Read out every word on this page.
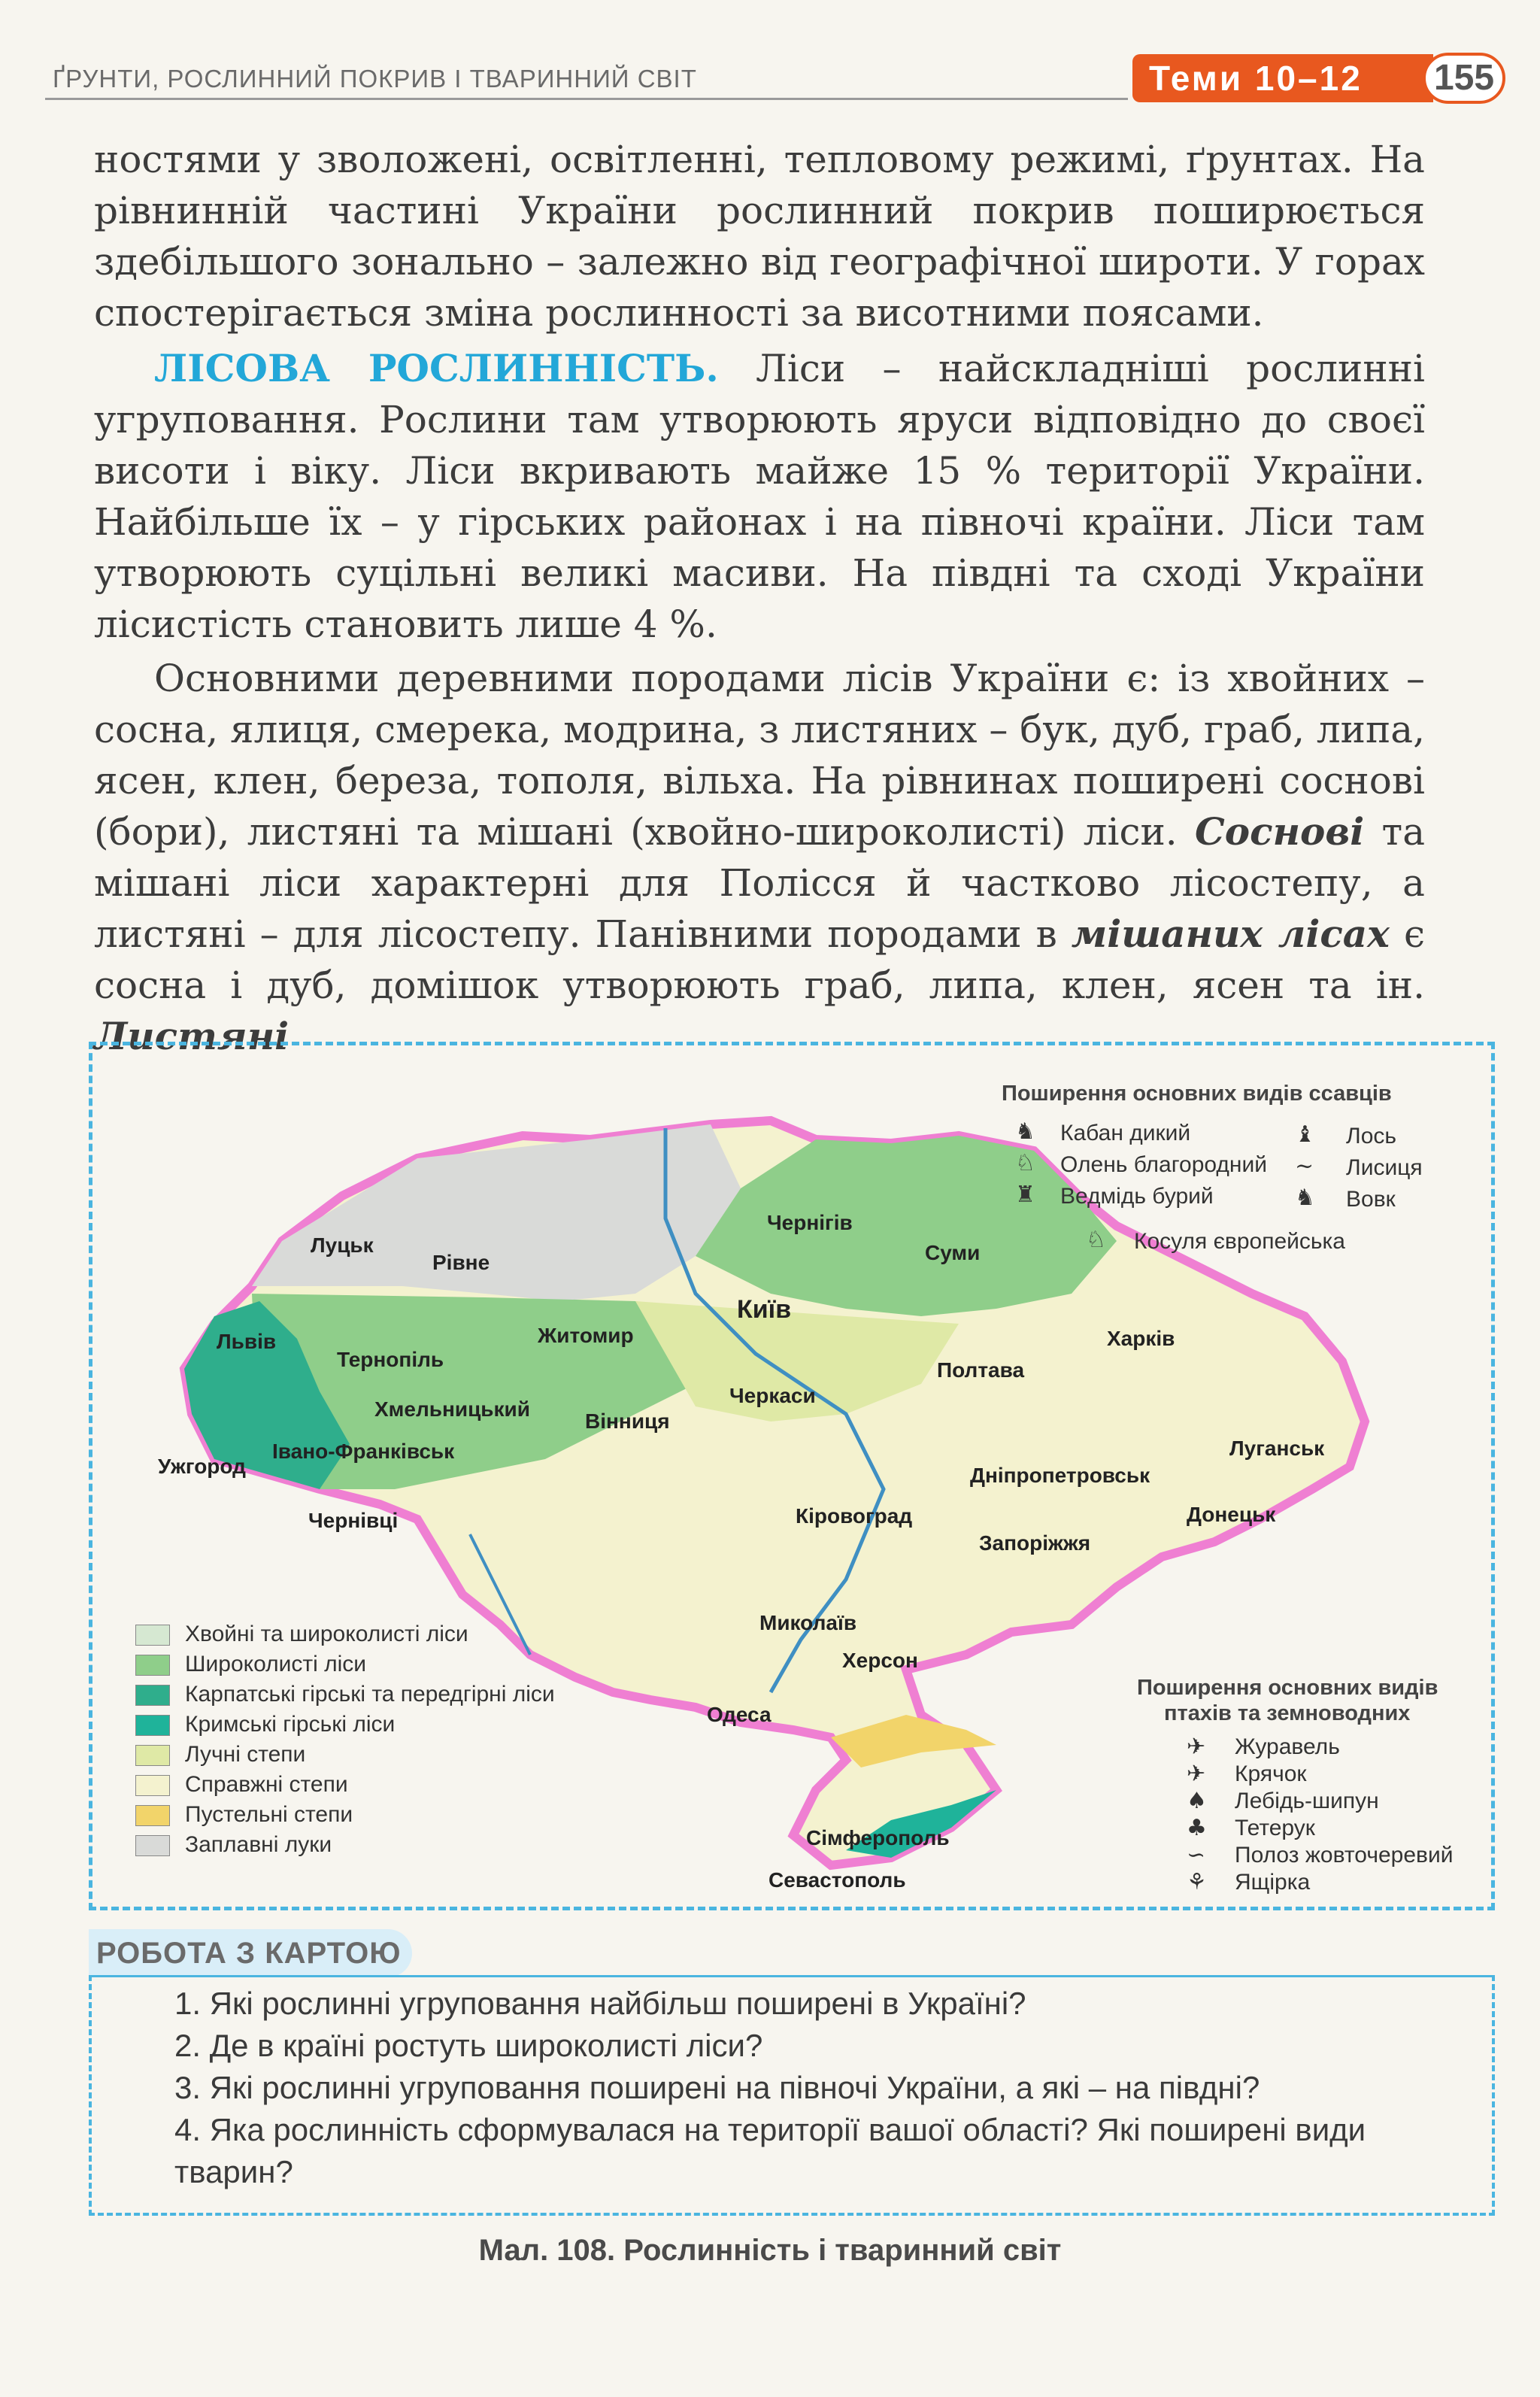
ҐРУНТИ, РОСЛИННИЙ ПОКРИВ І ТВАРИННИЙ СВІТ	Теми 10–12	155
ностями у зволожені, освітленні, тепловому режимі, ґрунтах. На рівнинній частині України рослинний покрив поширюється здебільшого зонально – залежно від географічної широти. У горах спостерігається зміна рослинності за висотними поясами.
ЛІСОВА РОСЛИННІСТЬ. Ліси – найскладніші рослинні угруповання. Рослини там утворюють яруси відповідно до своєї висоти і віку. Ліси вкривають майже 15 % території України. Найбільше їх – у гірських районах і на півночі країни. Ліси там утворюють суцільні великі масиви. На півдні та сході України лісистість становить лише 4 %.
Основними деревними породами лісів України є: із хвойних – сосна, ялиця, смерека, модрина, з листяних – бук, дуб, граб, липа, ясен, клен, береза, тополя, вільха. На рівнинах поширені соснові (бори), листяні та мішані (хвойно-широколисті) ліси. Соснові та мішані ліси характерні для Полісся й частково лісостепу, а листяні – для лісостепу. Панівними породами в мішаних лісах є сосна і дуб, домішок утворюють граб, липа, клен, ясен та ін. Листяні
Луцьк
Рівне
Чернігів
Суми
Київ
Житомир
Львів
Тернопіль
Хмельницький
Харків
Полтава
Черкаси
Вінниця
Івано-Франківськ
Ужгород
Луганськ
Дніпропетровськ
Донецьк
Чернівці	Кіровоград
Запоріжжя
Миколаїв
Херсон
Одеса
Сімферополь
Севастополь
Поширення основних видів ссавців
♞ Кабан дикий
♘ Олень благородний
♜ Ведмідь бурий
♝ Лось
~ Лисиця
♞ Вовк
♘ Косуля європейська
Хвойні та широколисті ліси
Широколисті ліси
Карпатські гірські та передгірні ліси
Кримські гірські ліси
Лучні степи
Справжні степи
Пустельні степи
Заплавні луки
Поширення основних видів
птахів та земноводних
✈ Журавель
✈ Крячок
♠ Лебідь-шипун
♣ Тетерук
∽ Полоз жовточеревий
⚘ Ящірка
РОБОТА З КАРТОЮ
1. Які рослинні угруповання найбільш поширені в Україні?
2. Де в країні ростуть широколисті ліси?
3. Які рослинні угруповання поширені на півночі України, а які – на півдні?
4. Яка рослинність сформувалася на території вашої області? Які поширені види тварин?
Мал. 108. Рослинність і тваринний світ
